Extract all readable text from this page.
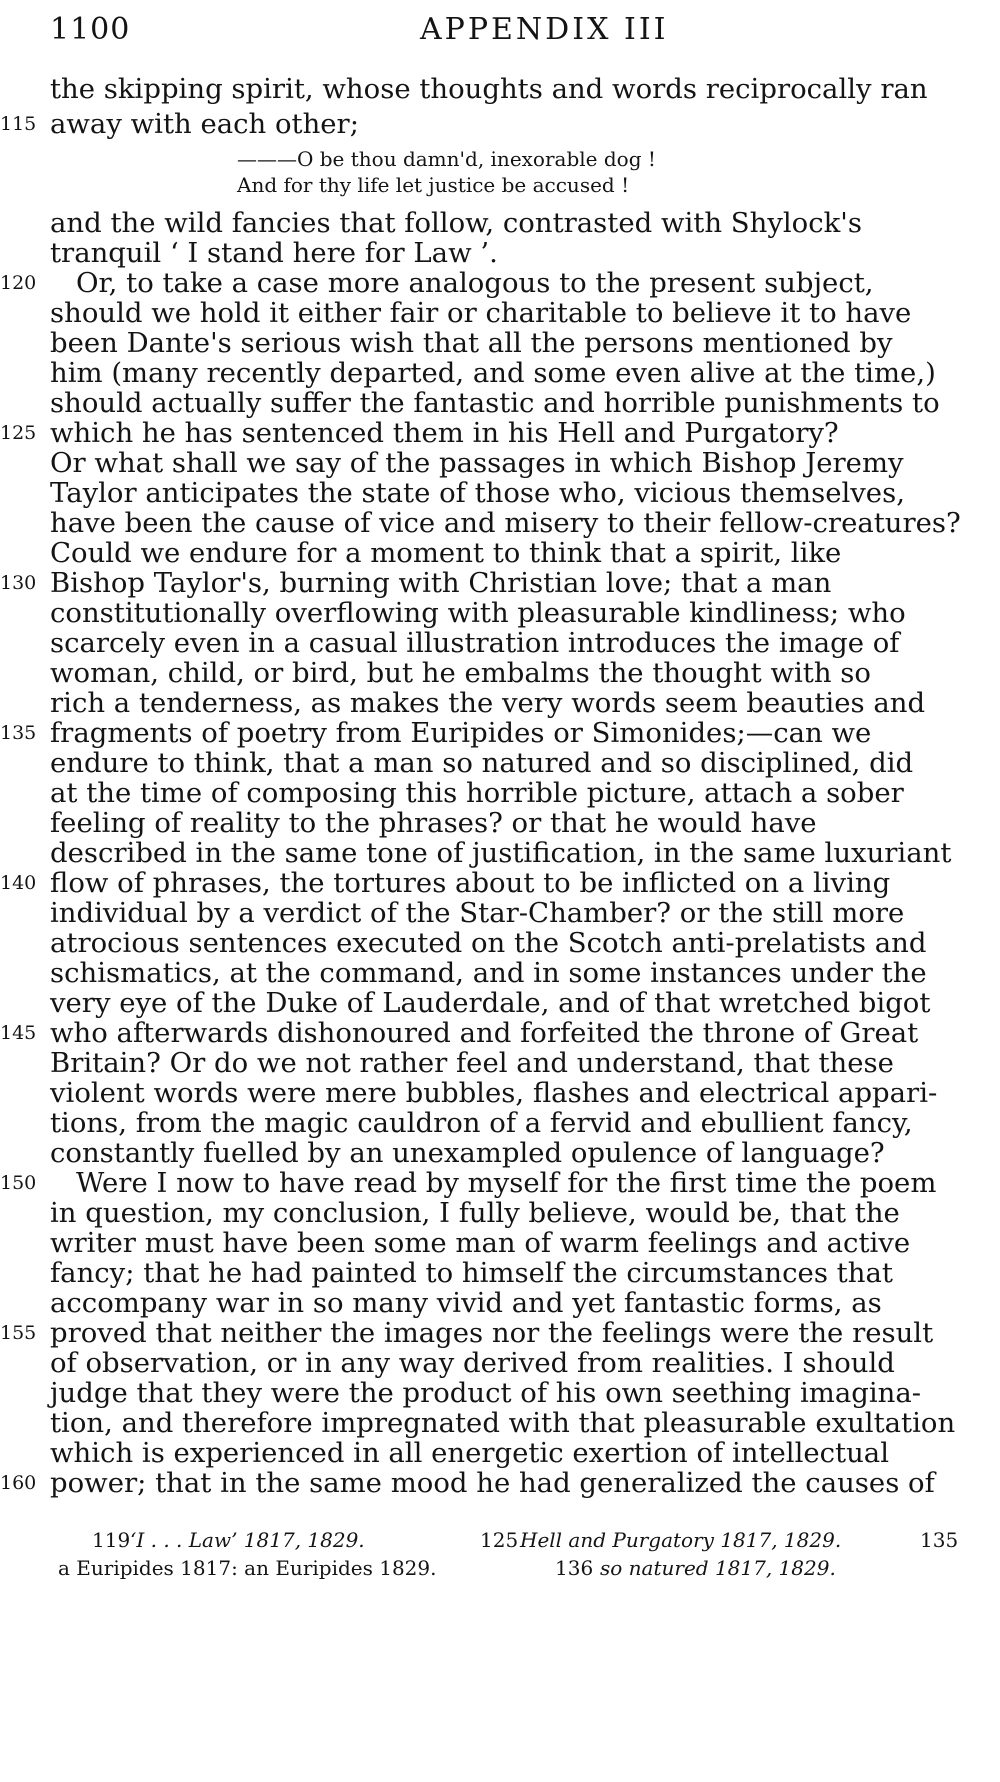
1100	APPENDIX III
the skipping spirit, whose thoughts and words reciprocally ran
115 away with each other;
———O be thou damn'd, inexorable dog !
And for thy life let justice be accused !
and the wild fancies that follow, contrasted with Shylock's
tranquil ‘ I stand here for Law ’.
120	Or, to take a case more analogous to the present subject,
should we hold it either fair or charitable to believe it to have
been Dante's serious wish that all the persons mentioned by
him (many recently departed, and some even alive at the time,)
should actually suffer the fantastic and horrible punishments to
125 which he has sentenced them in his Hell and Purgatory?
Or what shall we say of the passages in which Bishop Jeremy
Taylor anticipates the state of those who, vicious themselves,
have been the cause of vice and misery to their fellow-creatures?
Could we endure for a moment to think that a spirit, like
130 Bishop Taylor's, burning with Christian love; that a man
constitutionally overflowing with pleasurable kindliness; who
scarcely even in a casual illustration introduces the image of
woman, child, or bird, but he embalms the thought with so
rich a tenderness, as makes the very words seem beauties and
135 fragments of poetry from Euripides or Simonides;—can we
endure to think, that a man so natured and so disciplined, did
at the time of composing this horrible picture, attach a sober
feeling of reality to the phrases? or that he would have
described in the same tone of justification, in the same luxuriant
140 flow of phrases, the tortures about to be inflicted on a living
individual by a verdict of the Star-Chamber? or the still more
atrocious sentences executed on the Scotch anti-prelatists and
schismatics, at the command, and in some instances under the
very eye of the Duke of Lauderdale, and of that wretched bigot
145 who afterwards dishonoured and forfeited the throne of Great
Britain? Or do we not rather feel and understand, that these
violent words were mere bubbles, flashes and electrical appari-
tions, from the magic cauldron of a fervid and ebullient fancy,
constantly fuelled by an unexampled opulence of language?
150	Were I now to have read by myself for the first time the poem
in question, my conclusion, I fully believe, would be, that the
writer must have been some man of warm feelings and active
fancy; that he had painted to himself the circumstances that
accompany war in so many vivid and yet fantastic forms, as
155 proved that neither the images nor the feelings were the result
of observation, or in any way derived from realities. I should
judge that they were the product of his own seething imagina-
tion, and therefore impregnated with that pleasurable exultation
which is experienced in all energetic exertion of intellectual
160 power; that in the same mood he had generalized the causes of
119 ‘I . . . Law’ 1817, 1829.	125 Hell and Purgatory 1817, 1829.	135
a Euripides 1817: an Euripides 1829.	136 so natured 1817, 1829.
